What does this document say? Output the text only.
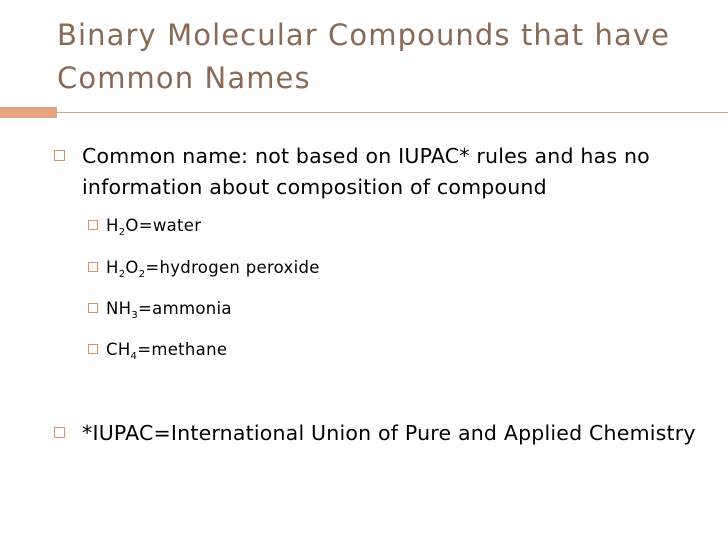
Binary Molecular Compounds that have Common Names
Common name: not based on IUPAC* rules and has no information about composition of compound
$H_2O=water$
$H_2O_2=hydrogen$ peroxide
$NH_3=ammonia$
$CH_4=methane$
*IUPAC=International Union of Pure and Applied Chemistry
